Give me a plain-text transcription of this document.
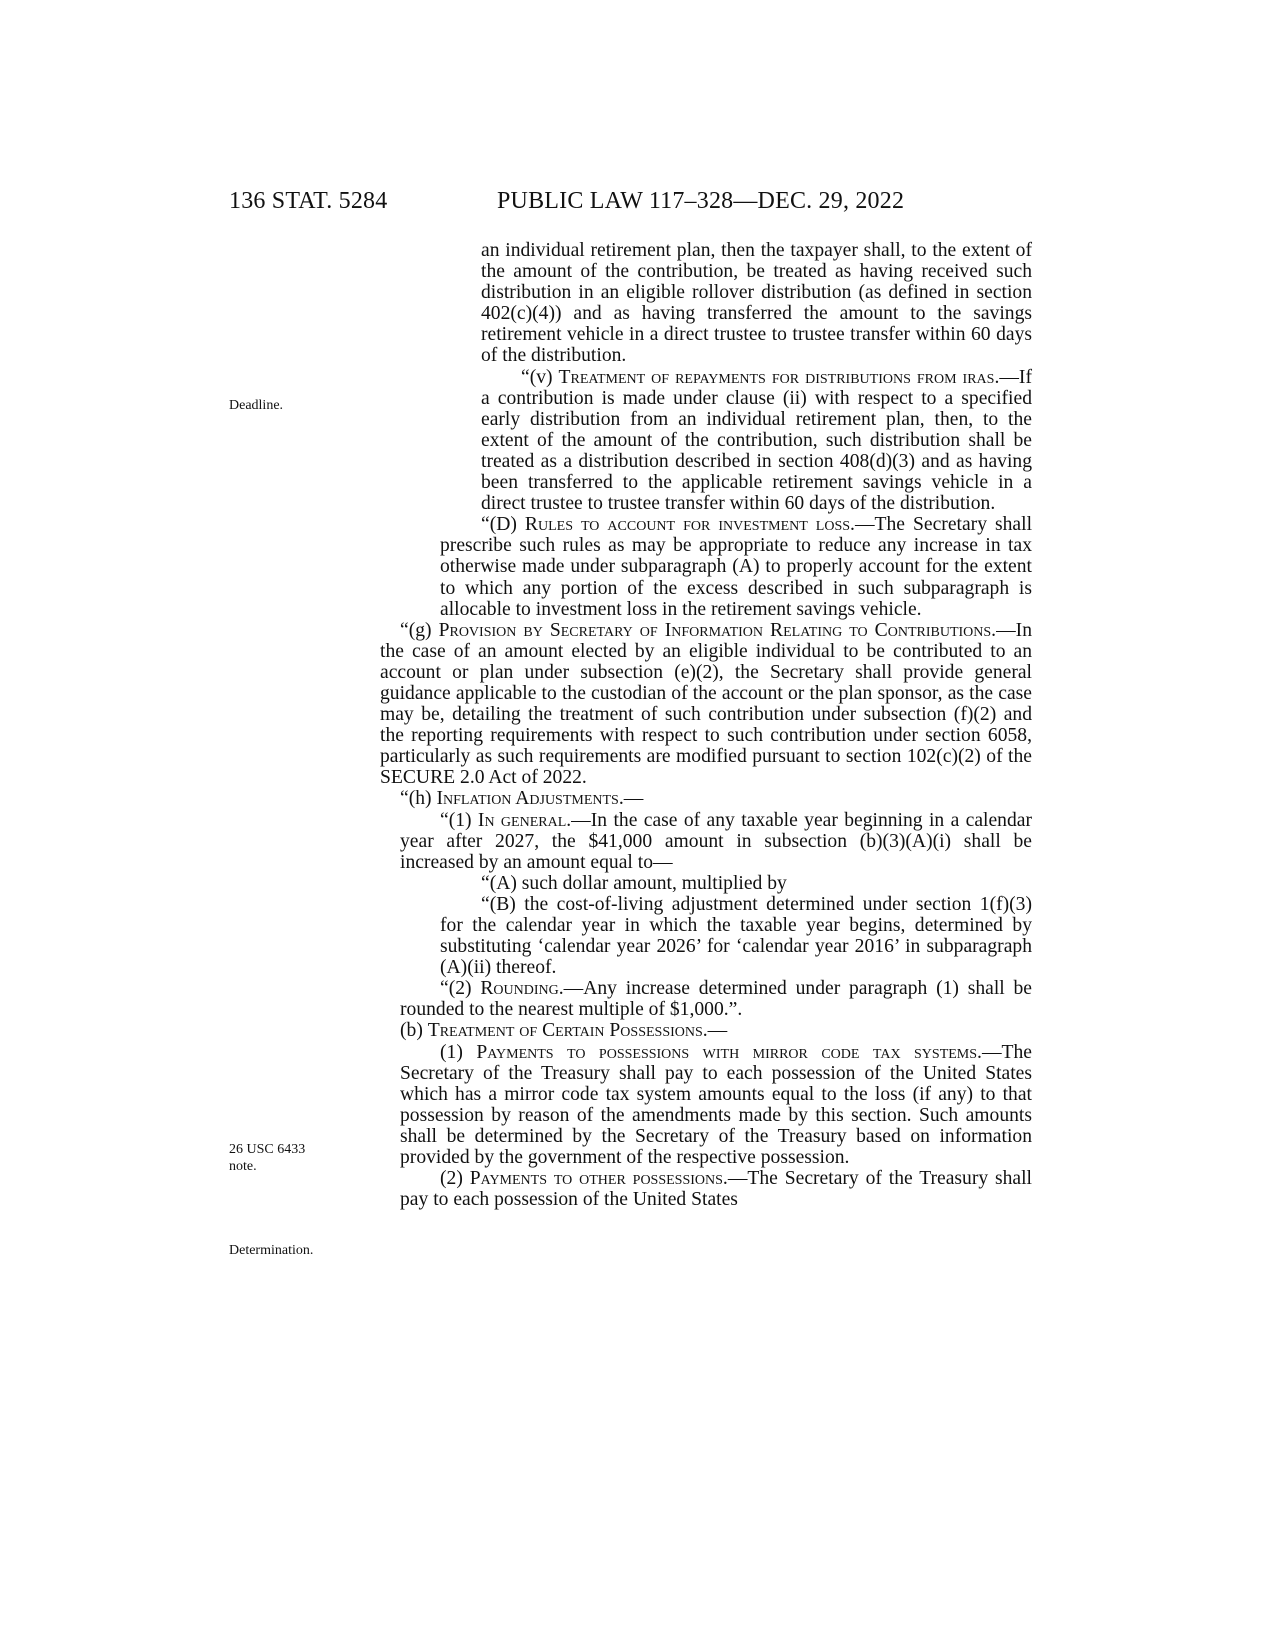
136 STAT. 5284	PUBLIC LAW 117–328—DEC. 29, 2022
Deadline.
26 USC 6433
note.
Determination.
an individual retirement plan, then the taxpayer shall, to the extent of the amount of the contribution, be treated as having received such distribution in an eligible rollover distribution (as defined in section 402(c)(4)) and as having transferred the amount to the savings retirement vehicle in a direct trustee to trustee transfer within 60 days of the distribution.
“(v) Treatment of repayments for distributions from iras.—If a contribution is made under clause (ii) with respect to a specified early distribution from an individual retirement plan, then, to the extent of the amount of the contribution, such distribution shall be treated as a distribution described in section 408(d)(3) and as having been transferred to the applicable retirement savings vehicle in a direct trustee to trustee transfer within 60 days of the distribution.
“(D) Rules to account for investment loss.—The Secretary shall prescribe such rules as may be appropriate to reduce any increase in tax otherwise made under subparagraph (A) to properly account for the extent to which any portion of the excess described in such subparagraph is allocable to investment loss in the retirement savings vehicle.
“(g) Provision by Secretary of Information Relating to Contributions.—In the case of an amount elected by an eligible individual to be contributed to an account or plan under subsection (e)(2), the Secretary shall provide general guidance applicable to the custodian of the account or the plan sponsor, as the case may be, detailing the treatment of such contribution under subsection (f)(2) and the reporting requirements with respect to such contribution under section 6058, particularly as such requirements are modified pursuant to section 102(c)(2) of the SECURE 2.0 Act of 2022.
“(h) Inflation Adjustments.—
“(1) In general.—In the case of any taxable year beginning in a calendar year after 2027, the $41,000 amount in subsection (b)(3)(A)(i) shall be increased by an amount equal to—
“(A) such dollar amount, multiplied by
“(B) the cost-of-living adjustment determined under section 1(f)(3) for the calendar year in which the taxable year begins, determined by substituting ‘calendar year 2026’ for ‘calendar year 2016’ in subparagraph (A)(ii) thereof.
“(2) Rounding.—Any increase determined under paragraph (1) shall be rounded to the nearest multiple of $1,000.”.
(b) Treatment of Certain Possessions.—
(1) Payments to possessions with mirror code tax systems.—The Secretary of the Treasury shall pay to each possession of the United States which has a mirror code tax system amounts equal to the loss (if any) to that possession by reason of the amendments made by this section. Such amounts shall be determined by the Secretary of the Treasury based on information provided by the government of the respective possession.
(2) Payments to other possessions.—The Secretary of the Treasury shall pay to each possession of the United States
